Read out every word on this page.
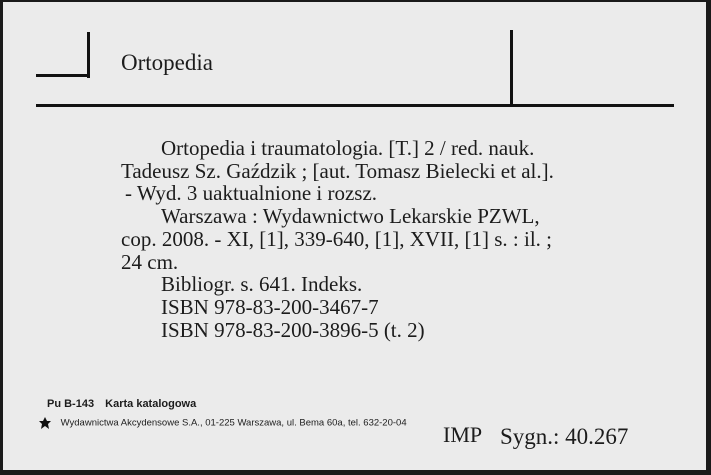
Ortopedia
Ortopedia i traumatologia. [T.] 2 / red. nauk.
Tadeusz Sz. Gaździk ; [aut. Tomasz Bielecki et al.].
- Wyd. 3 uaktualnione i rozsz.
Warszawa : Wydawnictwo Lekarskie PZWL,
cop. 2008. - XI, [1], 339-640, [1], XVII, [1] s. : il. ;
24 cm.
Bibliogr. s. 641. Indeks.
ISBN 978-83-200-3467-7
ISBN 978-83-200-3896-5 (t. 2)
Pu B-143 Karta katalogowa
Wydawnictwa Akcydensowe S.A., 01-225 Warszawa, ul. Bema 60a, tel. 632-20-04 IMP Sygn.: 40.267
